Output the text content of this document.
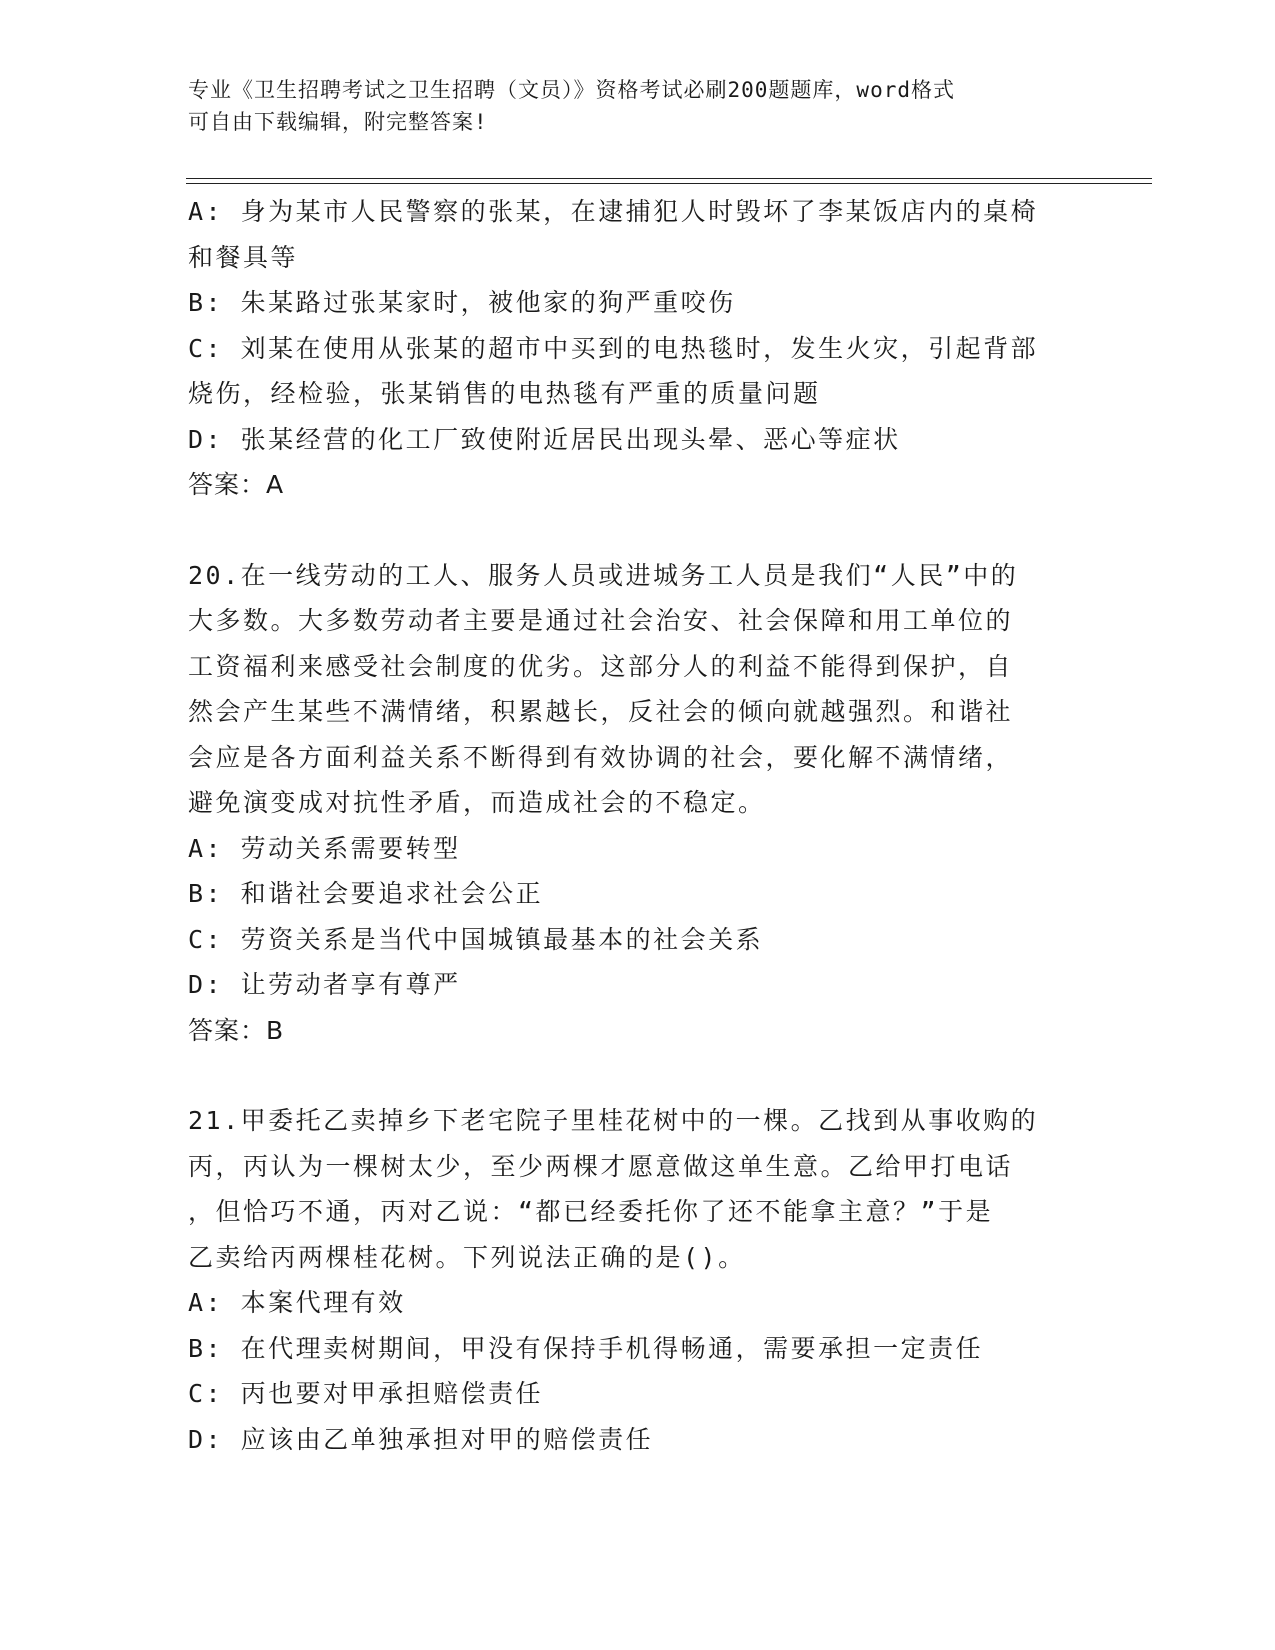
专业《卫生招聘考试之卫生招聘（文员）》资格考试必刷200题题库，word格式
可自由下载编辑，附完整答案!
A: 身为某市人民警察的张某，在逮捕犯人时毁坏了李某饭店内的桌椅
和餐具等
B: 朱某路过张某家时，被他家的狗严重咬伤
C: 刘某在使用从张某的超市中买到的电热毯时，发生火灾，引起背部
烧伤，经检验，张某销售的电热毯有严重的质量问题
D: 张某经营的化工厂致使附近居民出现头晕、恶心等症状
答案：A
20.在一线劳动的工人、服务人员或进城务工人员是我们“人民”中的
大多数。大多数劳动者主要是通过社会治安、社会保障和用工单位的
工资福利来感受社会制度的优劣。这部分人的利益不能得到保护，自
然会产生某些不满情绪，积累越长，反社会的倾向就越强烈。和谐社
会应是各方面利益关系不断得到有效协调的社会，要化解不满情绪，
避免演变成对抗性矛盾，而造成社会的不稳定。
A: 劳动关系需要转型
B: 和谐社会要追求社会公正
C: 劳资关系是当代中国城镇最基本的社会关系
D: 让劳动者享有尊严
答案：B
21.甲委托乙卖掉乡下老宅院子里桂花树中的一棵。乙找到从事收购的
丙，丙认为一棵树太少，至少两棵才愿意做这单生意。乙给甲打电话
，但恰巧不通，丙对乙说：“都已经委托你了还不能拿主意？”于是
乙卖给丙两棵桂花树。下列说法正确的是()。
A: 本案代理有效
B: 在代理卖树期间，甲没有保持手机得畅通，需要承担一定责任
C: 丙也要对甲承担赔偿责任
D: 应该由乙单独承担对甲的赔偿责任
